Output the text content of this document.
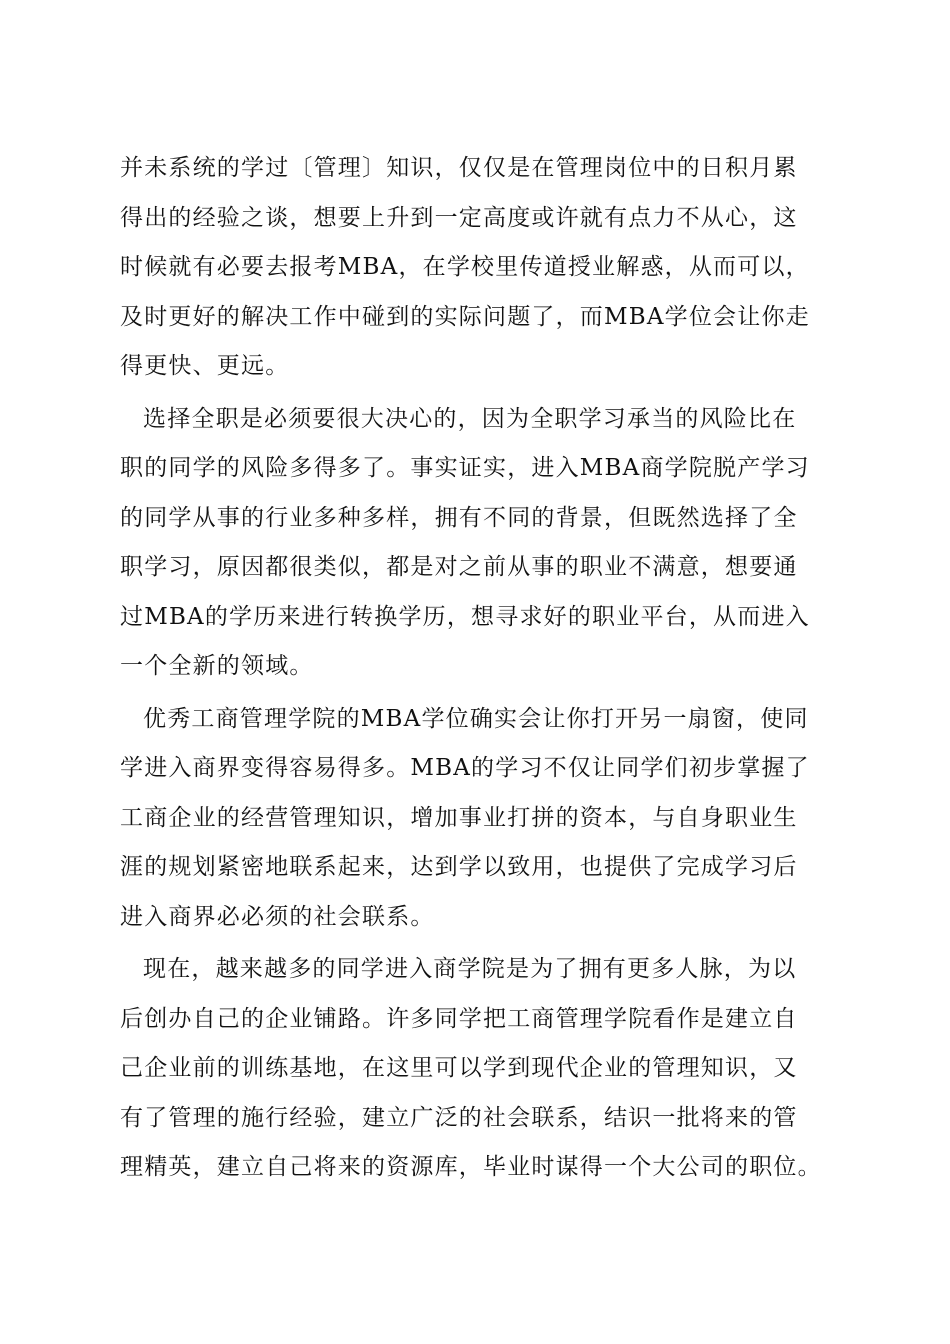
并未系统的学过〔管理〕知识，仅仅是在管理岗位中的日积月累
得出的经验之谈，想要上升到一定高度或许就有点力不从心，这
时候就有必要去报考MBA，在学校里传道授业解惑，从而可以，
及时更好的解决工作中碰到的实际问题了，而MBA学位会让你走
得更快、更远。
选择全职是必须要很大决心的，因为全职学习承当的风险比在
职的同学的风险多得多了。事实证实，进入MBA商学院脱产学习
的同学从事的行业多种多样，拥有不同的背景，但既然选择了全
职学习，原因都很类似，都是对之前从事的职业不满意，想要通
过MBA的学历来进行转换学历，想寻求好的职业平台，从而进入
一个全新的领域。
优秀工商管理学院的MBA学位确实会让你打开另一扇窗，使同
学进入商界变得容易得多。MBA的学习不仅让同学们初步掌握了
工商企业的经营管理知识，增加事业打拼的资本，与自身职业生
涯的规划紧密地联系起来，达到学以致用，也提供了完成学习后
进入商界必必须的社会联系。
现在，越来越多的同学进入商学院是为了拥有更多人脉，为以
后创办自己的企业铺路。许多同学把工商管理学院看作是建立自
己企业前的训练基地，在这里可以学到现代企业的管理知识，又
有了管理的施行经验，建立广泛的社会联系，结识一批将来的管
理精英，建立自己将来的资源库，毕业时谋得一个大公司的职位。
